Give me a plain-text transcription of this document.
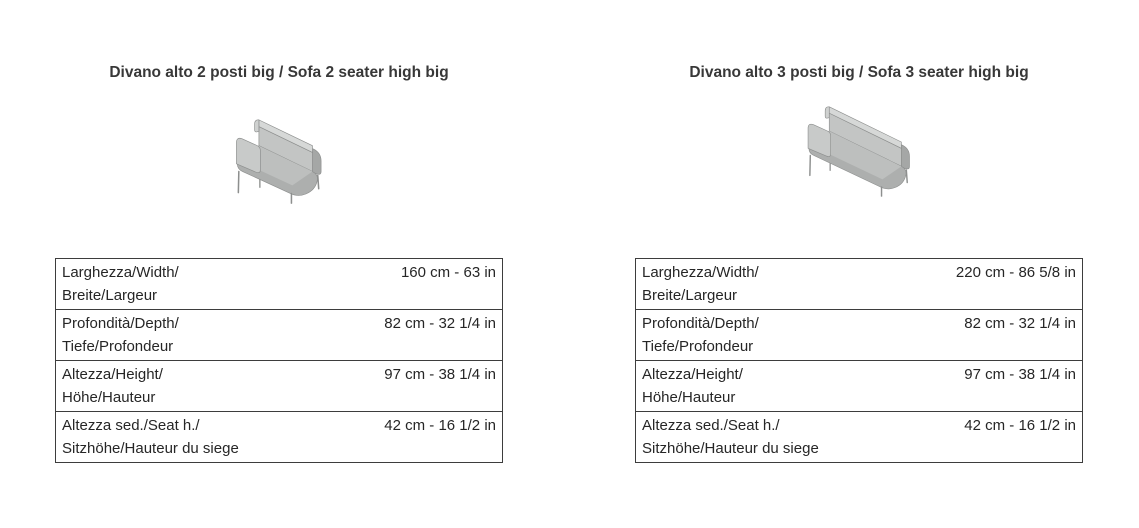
Divano alto 2 posti big / Sofa 2 seater high big
Larghezza/Width/	160 cm - 63 in
Breite/Largeur
Profondità/Depth/	82 cm - 32 1/4 in
Tiefe/Profondeur
Altezza/Height/	97 cm - 38 1/4 in
Höhe/Hauteur
Altezza sed./Seat h./	42 cm - 16 1/2 in
Sitzhöhe/Hauteur du siege
Divano alto 3 posti big / Sofa 3 seater high big
Larghezza/Width/	220 cm - 86 5/8 in
Breite/Largeur
Profondità/Depth/	82 cm - 32 1/4 in
Tiefe/Profondeur
Altezza/Height/	97 cm - 38 1/4 in
Höhe/Hauteur
Altezza sed./Seat h./	42 cm - 16 1/2 in
Sitzhöhe/Hauteur du siege
